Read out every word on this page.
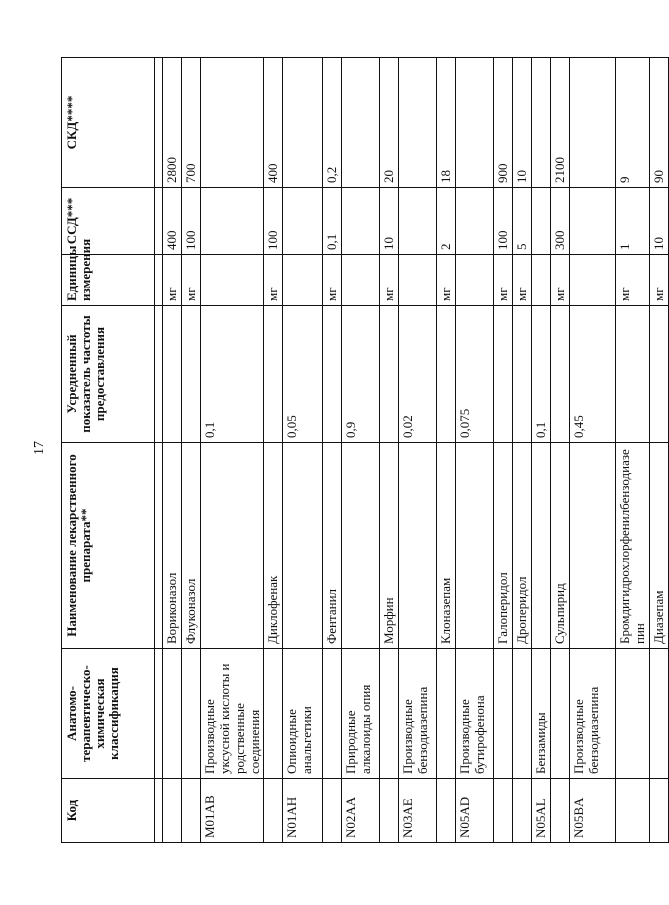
17
Код	Анатомо-терапевтическо-химическая классификация	Наименование лекарственного препарата**	Усредненный показатель частоты предоставления	Единицы измерения	ССД***	СКД****

		Вориконазол		мг	400	2800
		Флуконазол		мг	100	700
M01AB	Производные уксусной кислоты и родственные соединения		0,1			
		Диклофенак		мг	100	400
N01AH	Опиоидные анальгетики		0,05			
		Фентанил		мг	0,1	0,2
N02AA	Природные алкалоиды опия		0,9			
		Морфин		мг	10	20
N03AE	Производные бензодиазепина		0,02			
		Клоназепам		мг	2	18
N05AD	Производные бутирофенона		0,075			
		Галоперидол		мг	100	900
		Дроперидол		мг	5	10
N05AL	Бензамиды		0,1			
		Сульпирид		мг	300	2100
N05BA	Производные бензодиазепина		0,45			
		Бромдигидрохлорфенилбензодиазепин		мг	1	9
		Диазепам		мг	10	90
